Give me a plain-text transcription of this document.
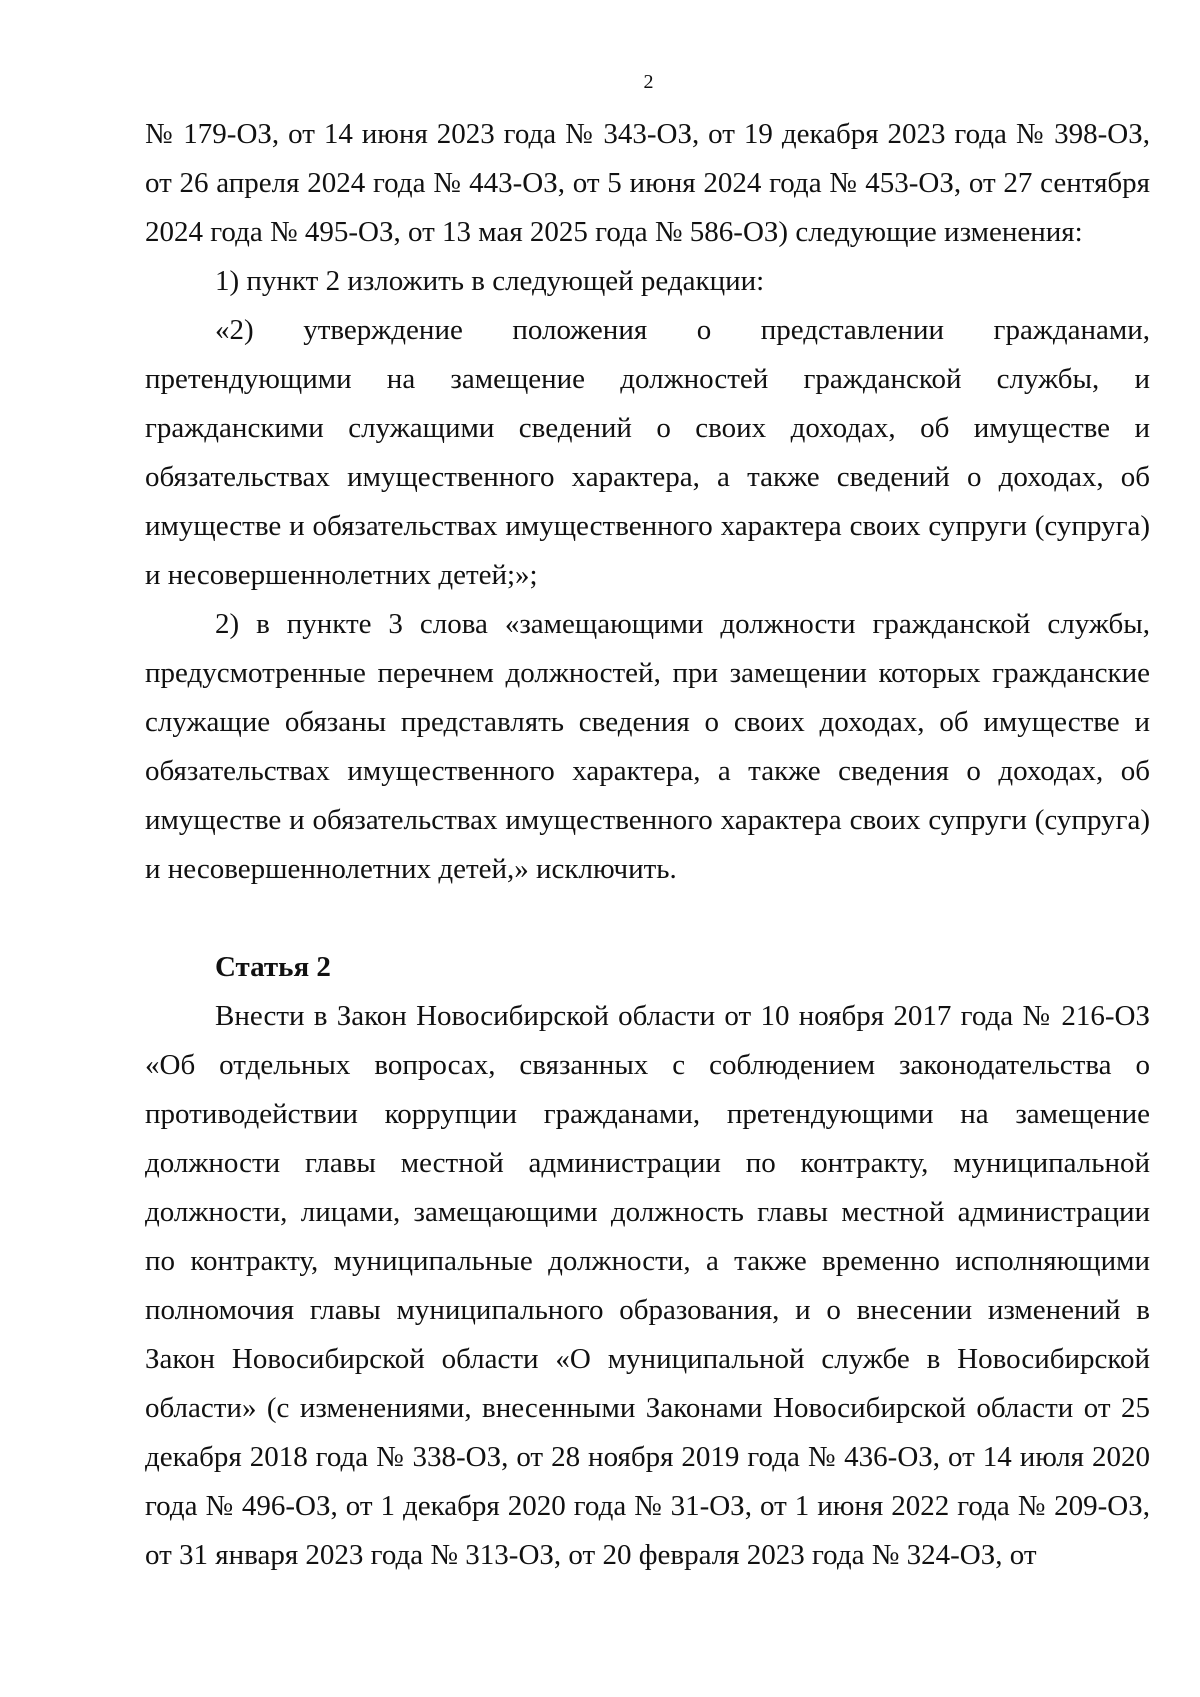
2

№ 179-ОЗ, от 14 июня 2023 года № 343-ОЗ, от 19 декабря 2023 года № 398-ОЗ, от 26 апреля 2024 года № 443-ОЗ, от 5 июня 2024 года № 453-ОЗ, от 27 сентября 2024 года № 495-ОЗ, от 13 мая 2025 года № 586-ОЗ) следующие изменения:

1) пункт 2 изложить в следующей редакции:

«2) утверждение положения о представлении гражданами, претендующими на замещение должностей гражданской службы, и гражданскими служащими сведений о своих доходах, об имуществе и обязательствах имущественного характера, а также сведений о доходах, об имуществе и обязательствах имущественного характера своих супруги (супруга) и несовершеннолетних детей;»;

2) в пункте 3 слова «замещающими должности гражданской службы, предусмотренные перечнем должностей, при замещении которых гражданские служащие обязаны представлять сведения о своих доходах, об имуществе и обязательствах имущественного характера, а также сведения о доходах, об имуществе и обязательствах имущественного характера своих супруги (супруга) и несовершеннолетних детей,» исключить.

Статья 2

Внести в Закон Новосибирской области от 10 ноября 2017 года № 216-ОЗ «Об отдельных вопросах, связанных с соблюдением законодательства о противодействии коррупции гражданами, претендующими на замещение должности главы местной администрации по контракту, муниципальной должности, лицами, замещающими должность главы местной администрации по контракту, муниципальные должности, а также временно исполняющими полномочия главы муниципального образования, и о внесении изменений в Закон Новосибирской области «О муниципальной службе в Новосибирской области» (с изменениями, внесенными Законами Новосибирской области от 25 декабря 2018 года № 338-ОЗ, от 28 ноября 2019 года № 436-ОЗ, от 14 июля 2020 года № 496-ОЗ, от 1 декабря 2020 года № 31-ОЗ, от 1 июня 2022 года № 209-ОЗ, от 31 января 2023 года № 313-ОЗ, от 20 февраля 2023 года № 324-ОЗ, от
